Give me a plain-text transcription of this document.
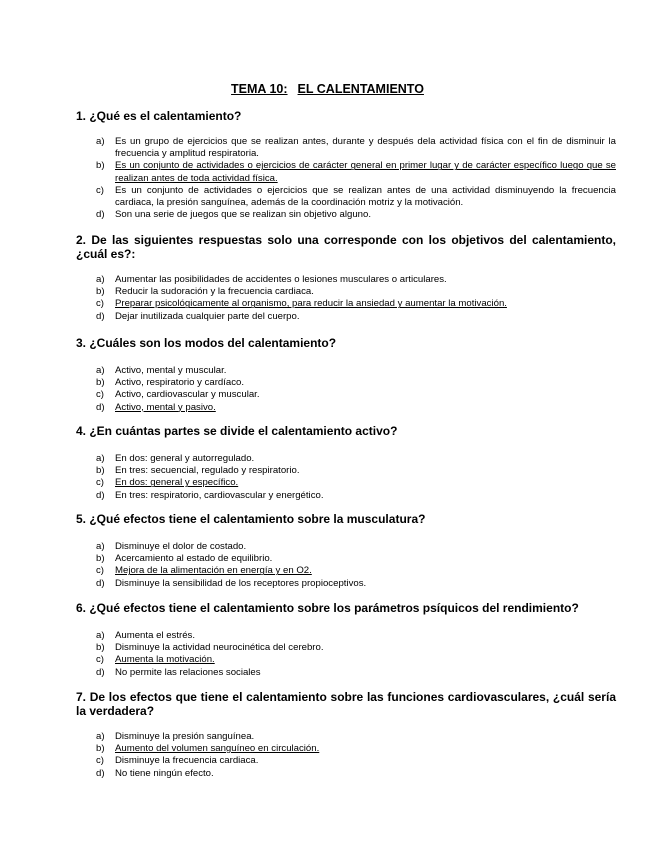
TEMA 10: EL CALENTAMIENTO

1. ¿Qué es el calentamiento?

a) Es un grupo de ejercicios que se realizan antes, durante y después dela actividad física con el fin de disminuir la frecuencia y amplitud respiratoria.
b) Es un conjunto de actividades o ejercicios de carácter general en primer lugar y de carácter específico luego que se realizan antes de toda actividad física.
c) Es un conjunto de actividades o ejercicios que se realizan antes de una actividad disminuyendo la frecuencia cardiaca, la presión sanguínea, además de la coordinación motriz y la motivación.
d) Son una serie de juegos que se realizan sin objetivo alguno.

2. De las siguientes respuestas solo una corresponde con los objetivos del calentamiento, ¿cuál es?:

a) Aumentar las posibilidades de accidentes o lesiones musculares o articulares.
b) Reducir la sudoración y la frecuencia cardiaca.
c) Preparar psicológicamente al organismo, para reducir la ansiedad y aumentar la motivación.
d) Dejar inutilizada cualquier parte del cuerpo.

3. ¿Cuáles son los modos del calentamiento?

a) Activo, mental y muscular.
b) Activo, respiratorio y cardíaco.
c) Activo, cardiovascular y muscular.
d) Activo, mental y pasivo.

4. ¿En cuántas partes se divide el calentamiento activo?

a) En dos: general y autorregulado.
b) En tres: secuencial, regulado y respiratorio.
c) En dos: general y específico.
d) En tres: respiratorio, cardiovascular y energético.

5. ¿Qué efectos tiene el calentamiento sobre la musculatura?

a) Disminuye el dolor de costado.
b) Acercamiento al estado de equilibrio.
c) Mejora de la alimentación en energía y en O2.
d) Disminuye la sensibilidad de los receptores propioceptivos.

6. ¿Qué efectos tiene el calentamiento sobre los parámetros psíquicos del rendimiento?

a) Aumenta el estrés.
b) Disminuye la actividad neurocinética del cerebro.
c) Aumenta la motivación.
d) No permite las relaciones sociales

7. De los efectos que tiene el calentamiento sobre las funciones cardiovasculares, ¿cuál sería la verdadera?

a) Disminuye la presión sanguínea.
b) Aumento del volumen sanguíneo en circulación.
c) Disminuye la frecuencia cardiaca.
d) No tiene ningún efecto.
